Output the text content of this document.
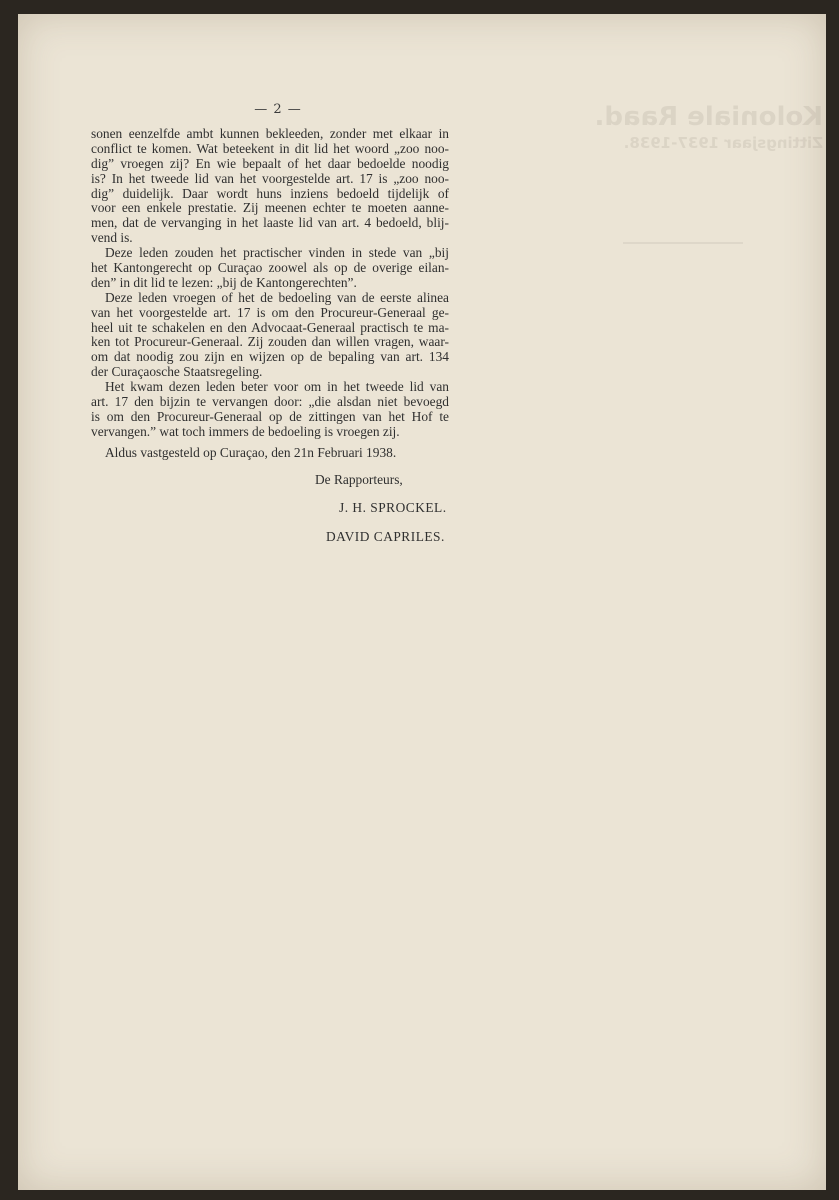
Koloniale Raad.
Zittingsjaar 1937-1938.
— 2 —
sonen eenzelfde ambt kunnen bekleeden, zonder met elkaar in
conflict te komen. Wat beteekent in dit lid het woord „zoo noo-
dig” vroegen zij? En wie bepaalt of het daar bedoelde noodig
is? In het tweede lid van het voorgestelde art. 17 is „zoo noo-
dig” duidelijk. Daar wordt huns inziens bedoeld tijdelijk of
voor een enkele prestatie. Zij meenen echter te moeten aanne-
men, dat de vervanging in het laaste lid van art. 4 bedoeld, blij-
vend is.
Deze leden zouden het practischer vinden in stede van „bij
het Kantongerecht op Curaçao zoowel als op de overige eilan-
den” in dit lid te lezen: „bij de Kantongerechten”.
Deze leden vroegen of het de bedoeling van de eerste alinea
van het voorgestelde art. 17 is om den Procureur-Generaal ge-
heel uit te schakelen en den Advocaat-Generaal practisch te ma-
ken tot Procureur-Generaal. Zij zouden dan willen vragen, waar-
om dat noodig zou zijn en wijzen op de bepaling van art. 134
der Curaçaosche Staatsregeling.
Het kwam dezen leden beter voor om in het tweede lid van
art. 17 den bijzin te vervangen door: „die alsdan niet bevoegd
is om den Procureur-Generaal op de zittingen van het Hof te
vervangen.” wat toch immers de bedoeling is vroegen zij.
Aldus vastgesteld op Curaçao, den 21n Februari 1938.
De Rapporteurs,
J. H. SPROCKEL.
DAVID CAPRILES.
